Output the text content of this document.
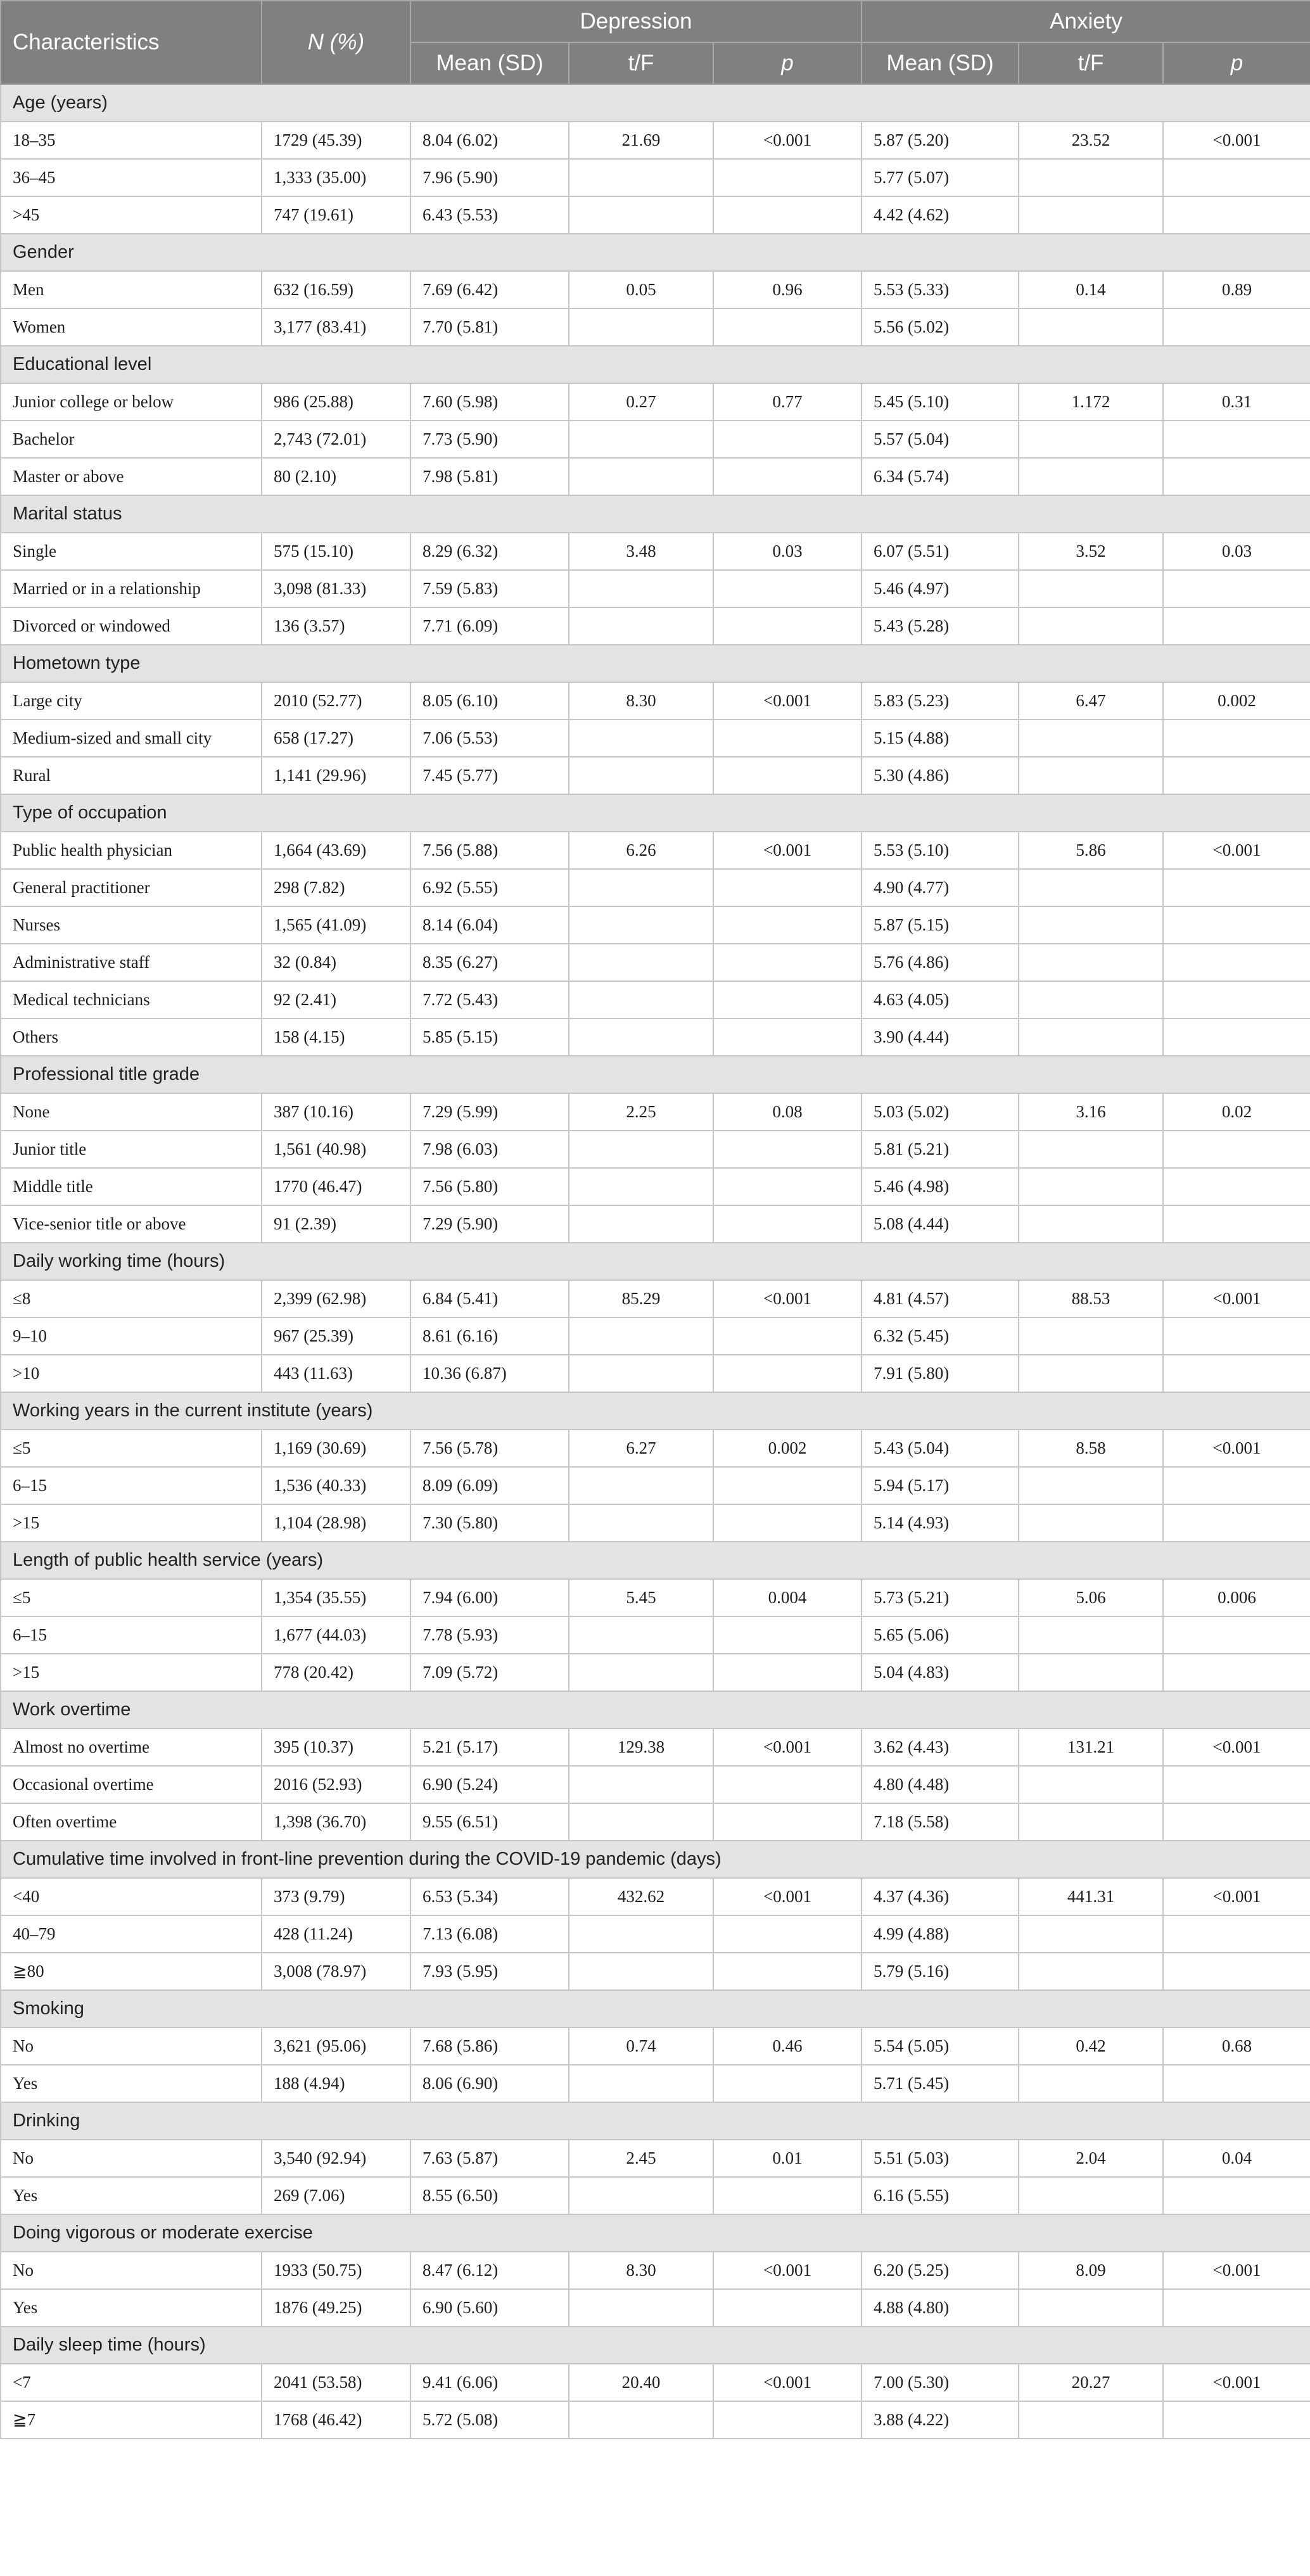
Characteristics	N (%)	Depression			Anxiety		
		Mean (SD)	t/F	p	Mean (SD)	t/F	p
Age (years)							
18–35	1729 (45.39)	8.04 (6.02)	21.69	<0.001	5.87 (5.20)	23.52	<0.001
36–45	1,333 (35.00)	7.96 (5.90)			5.77 (5.07)		
>45	747 (19.61)	6.43 (5.53)			4.42 (4.62)		
Gender							
Men	632 (16.59)	7.69 (6.42)	0.05	0.96	5.53 (5.33)	0.14	0.89
Women	3,177 (83.41)	7.70 (5.81)			5.56 (5.02)		
Educational level							
Junior college or below	986 (25.88)	7.60 (5.98)	0.27	0.77	5.45 (5.10)	1.172	0.31
Bachelor	2,743 (72.01)	7.73 (5.90)			5.57 (5.04)		
Master or above	80 (2.10)	7.98 (5.81)			6.34 (5.74)		
Marital status							
Single	575 (15.10)	8.29 (6.32)	3.48	0.03	6.07 (5.51)	3.52	0.03
Married or in a relationship	3,098 (81.33)	7.59 (5.83)			5.46 (4.97)		
Divorced or windowed	136 (3.57)	7.71 (6.09)			5.43 (5.28)		
Hometown type							
Large city	2010 (52.77)	8.05 (6.10)	8.30	<0.001	5.83 (5.23)	6.47	0.002
Medium-sized and small city	658 (17.27)	7.06 (5.53)			5.15 (4.88)		
Rural	1,141 (29.96)	7.45 (5.77)			5.30 (4.86)		
Type of occupation							
Public health physician	1,664 (43.69)	7.56 (5.88)	6.26	<0.001	5.53 (5.10)	5.86	<0.001
General practitioner	298 (7.82)	6.92 (5.55)			4.90 (4.77)		
Nurses	1,565 (41.09)	8.14 (6.04)			5.87 (5.15)		
Administrative staff	32 (0.84)	8.35 (6.27)			5.76 (4.86)		
Medical technicians	92 (2.41)	7.72 (5.43)			4.63 (4.05)		
Others	158 (4.15)	5.85 (5.15)			3.90 (4.44)		
Professional title grade							
None	387 (10.16)	7.29 (5.99)	2.25	0.08	5.03 (5.02)	3.16	0.02
Junior title	1,561 (40.98)	7.98 (6.03)			5.81 (5.21)		
Middle title	1770 (46.47)	7.56 (5.80)			5.46 (4.98)		
Vice-senior title or above	91 (2.39)	7.29 (5.90)			5.08 (4.44)		
Daily working time (hours)							
≤8	2,399 (62.98)	6.84 (5.41)	85.29	<0.001	4.81 (4.57)	88.53	<0.001
9–10	967 (25.39)	8.61 (6.16)			6.32 (5.45)		
>10	443 (11.63)	10.36 (6.87)			7.91 (5.80)		
Working years in the current institute (years)							
≤5	1,169 (30.69)	7.56 (5.78)	6.27	0.002	5.43 (5.04)	8.58	<0.001
6–15	1,536 (40.33)	8.09 (6.09)			5.94 (5.17)		
>15	1,104 (28.98)	7.30 (5.80)			5.14 (4.93)		
Length of public health service (years)							
≤5	1,354 (35.55)	7.94 (6.00)	5.45	0.004	5.73 (5.21)	5.06	0.006
6–15	1,677 (44.03)	7.78 (5.93)			5.65 (5.06)		
>15	778 (20.42)	7.09 (5.72)			5.04 (4.83)		
Work overtime							
Almost no overtime	395 (10.37)	5.21 (5.17)	129.38	<0.001	3.62 (4.43)	131.21	<0.001
Occasional overtime	2016 (52.93)	6.90 (5.24)			4.80 (4.48)		
Often overtime	1,398 (36.70)	9.55 (6.51)			7.18 (5.58)		
Cumulative time involved in front-line prevention during the COVID-19 pandemic (days)							
<40	373 (9.79)	6.53 (5.34)	432.62	<0.001	4.37 (4.36)	441.31	<0.001
40–79	428 (11.24)	7.13 (6.08)			4.99 (4.88)		
≧80	3,008 (78.97)	7.93 (5.95)			5.79 (5.16)		
Smoking							
No	3,621 (95.06)	7.68 (5.86)	0.74	0.46	5.54 (5.05)	0.42	0.68
Yes	188 (4.94)	8.06 (6.90)			5.71 (5.45)		
Drinking							
No	3,540 (92.94)	7.63 (5.87)	2.45	0.01	5.51 (5.03)	2.04	0.04
Yes	269 (7.06)	8.55 (6.50)			6.16 (5.55)		
Doing vigorous or moderate exercise							
No	1933 (50.75)	8.47 (6.12)	8.30	<0.001	6.20 (5.25)	8.09	<0.001
Yes	1876 (49.25)	6.90 (5.60)			4.88 (4.80)		
Daily sleep time (hours)							
<7	2041 (53.58)	9.41 (6.06)	20.40	<0.001	7.00 (5.30)	20.27	<0.001
≧7	1768 (46.42)	5.72 (5.08)			3.88 (4.22)		
